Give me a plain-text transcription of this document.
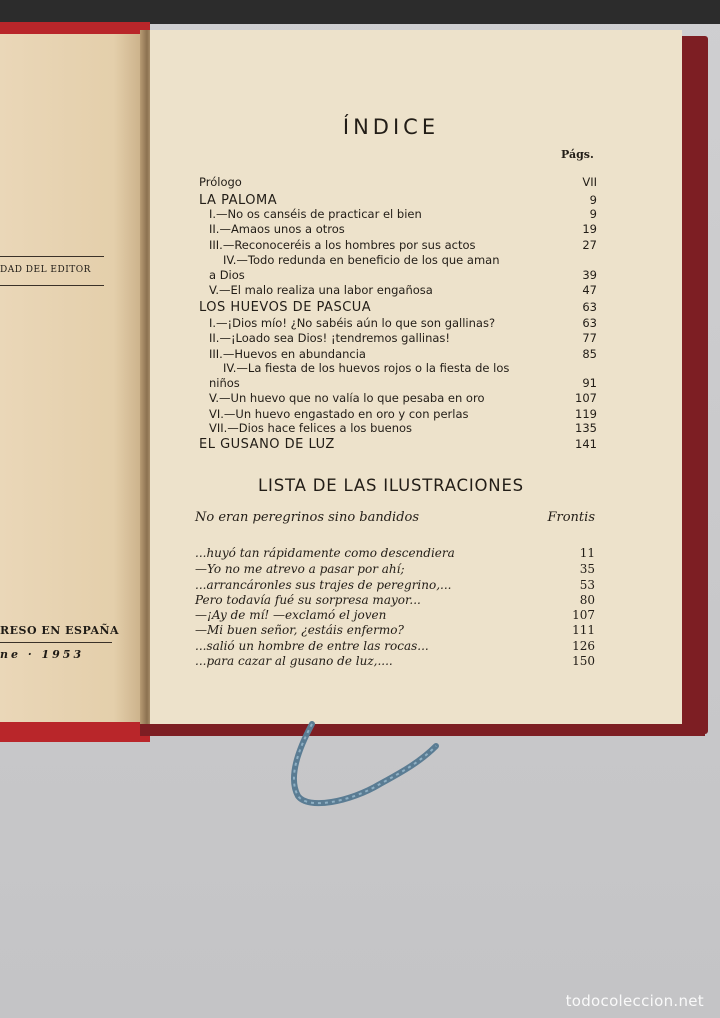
DAD DEL EDITOR
RESO EN ESPAÑA
ne · 1953
ÍNDICE
Págs.
Prólogo	VII
LA PALOMA	9
I.—No os canséis de practicar el bien	9
II.—Amaos unos a otros	19
III.—Reconoceréis a los hombres por sus actos	27
IV.—Todo redunda en beneficio de los que aman
a Dios	39
V.—El malo realiza una labor engañosa	47
LOS HUEVOS DE PASCUA	63
I.—¡Dios mío! ¿No sabéis aún lo que son gallinas?	63
II.—¡Loado sea Dios! ¡tendremos gallinas!	77
III.—Huevos en abundancia	85
IV.—La fiesta de los huevos rojos o la fiesta de los
niños	91
V.—Un huevo que no valía lo que pesaba en oro	107
VI.—Un huevo engastado en oro y con perlas	119
VII.—Dios hace felices a los buenos	135
EL GUSANO DE LUZ	141
LISTA DE LAS ILUSTRACIONES
No eran peregrinos sino bandidos	Frontis
...huyó tan rápidamente como descendiera	11
—Yo no me atrevo a pasar por ahí;	35
...arrancáronles sus trajes de peregrino,...	53
Pero todavía fué su sorpresa mayor...	80
—¡Ay de mí! —exclamó el joven	107
—Mi buen señor, ¿estáis enfermo?	111
...salió un hombre de entre las rocas...	126
...para cazar al gusano de luz,....	150
todocoleccion.net
